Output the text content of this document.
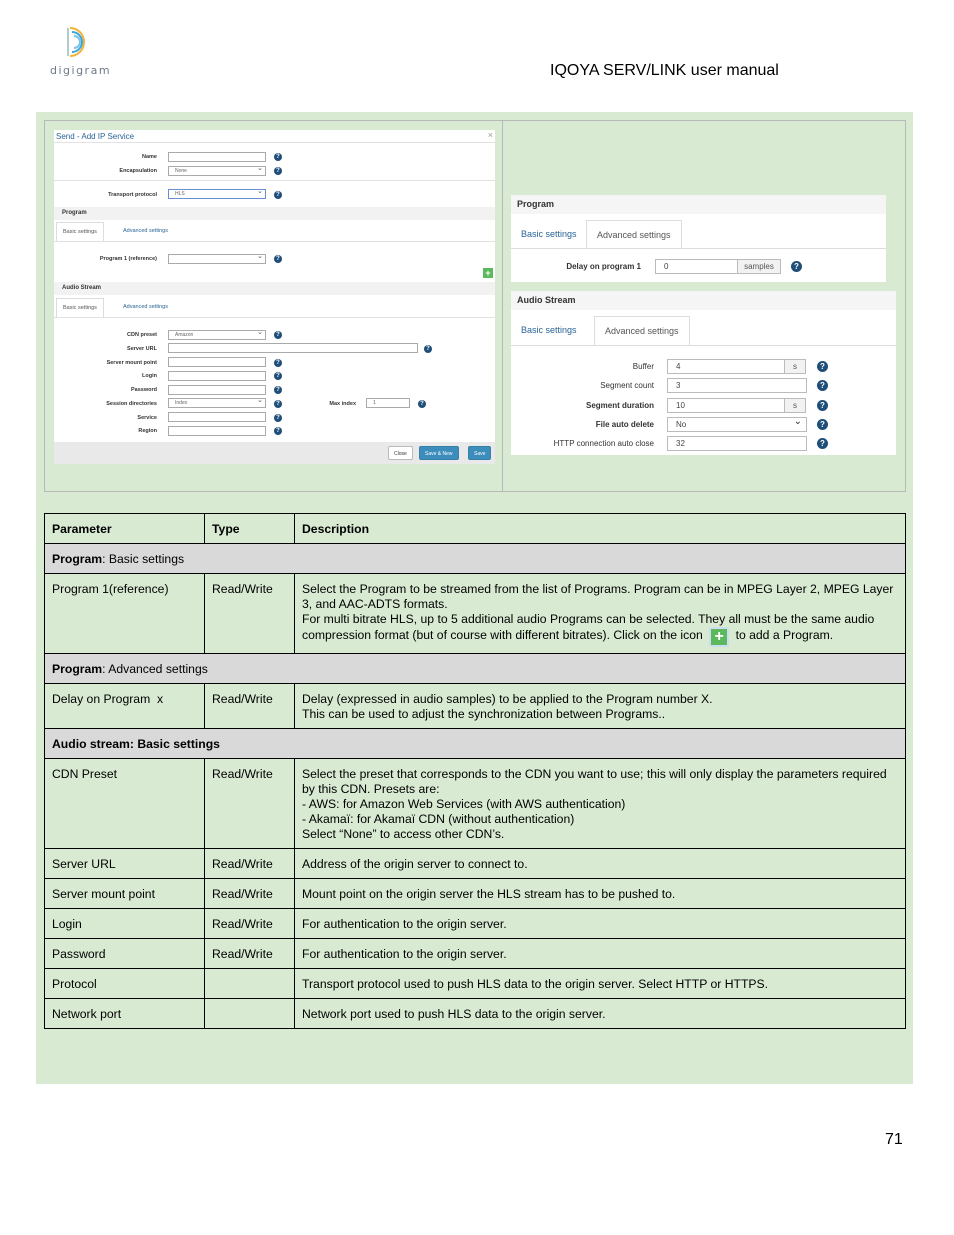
digigram	IQOYA SERV/LINK user manual
Send - Add IP Service	×
Name	?
Encapsulation	None ⌄	?
Transport protocol	HLS ⌄	?
Program
Basic settings	Advanced settings
Program 1 (reference) ⌄	?
+
Audio Stream
Basic settings	Advanced settings
CDN preset	Amazon ⌄	?
Server URL	?
Server mount point	?
Login	?
Password	?
Session directories	Index ⌄	?	Max index	1	?
Service	?
Region	?
Close	Save & New	Save
Program
Basic settings	Advanced settings
Delay on program 1	0	samples	?
Audio Stream
Basic settings	Advanced settings
Buffer	4	s	?
Segment count	3	?
Segment duration	10	s	?
File auto delete	No ⌄	?
HTTP connection auto close	32	?
Parameter	Type	Description
Program: Basic settings		
Program 1(reference)	Read/Write	Select the Program to be streamed from the list of Programs. Program can be in MPEG Layer 2, MPEG Layer 3, and AAC-ADTS formats.
For multi bitrate HLS, up to 5 additional audio Programs can be selected. They all must be the same audio compression format (but of course with different bitrates). Click on the icon + to add a Program.
Program: Advanced settings		
Delay on Program  x	Read/Write	Delay (expressed in audio samples) to be applied to the Program number X.
This can be used to adjust the synchronization between Programs..

Audio stream: Basic settings		
CDN Preset	Read/Write	Select the preset that corresponds to the CDN you want to use; this will only display the parameters required by this CDN. Presets are:
- AWS: for Amazon Web Services (with AWS authentication)
- Akamaï: for Akamaï CDN (without authentication)
Select “None” to access other CDN’s.

Server URL	Read/Write	Address of the origin server to connect to.
Server mount point	Read/Write	Mount point on the origin server the HLS stream has to be pushed to.
Login	Read/Write	For authentication to the origin server.
Password	Read/Write	For authentication to the origin server.
Protocol		Transport protocol used to push HLS data to the origin server. Select HTTP or HTTPS.
Network port		Network port used to push HLS data to the origin server.
71
